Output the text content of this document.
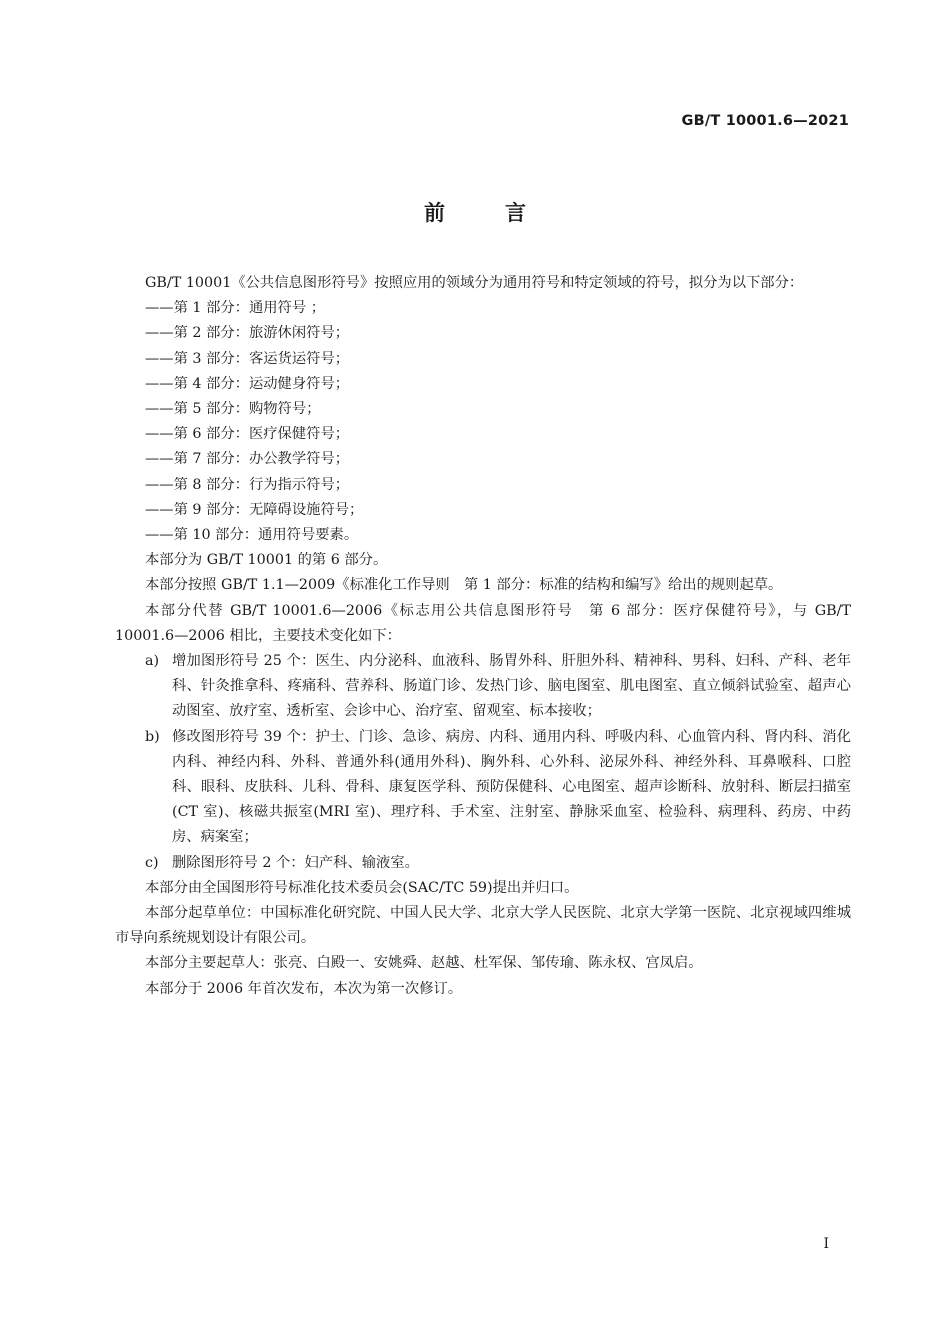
GB/T 10001.6—2021
前言

GB/T 10001《公共信息图形符号》按照应用的领域分为通用符号和特定领域的符号，拟分为以下部分：

——第 1 部分：通用符号 ；

——第 2 部分：旅游休闲符号；

——第 3 部分：客运货运符号；

——第 4 部分：运动健身符号；

——第 5 部分：购物符号；

——第 6 部分：医疗保健符号；

——第 7 部分：办公教学符号；

——第 8 部分：行为指示符号；

——第 9 部分：无障碍设施符号；

——第 10 部分：通用符号要素。

本部分为 GB/T 10001 的第 6 部分。

本部分按照 GB/T 1.1—2009《标准化工作导则　第 1 部分：标准的结构和编写》给出的规则起草。

本部分代替 GB/T 10001.6—2006《标志用公共信息图形符号　第 6 部分：医疗保健符号》，与 GB/T 10001.6—2006 相比，主要技术变化如下：

a) 增加图形符号 25 个：医生、内分泌科、血液科、肠胃外科、肝胆外科、精神科、男科、妇科、产科、老年科、针灸推拿科、疼痛科、营养科、肠道门诊、发热门诊、脑电图室、肌电图室、直立倾斜试验室、超声心动图室、放疗室、透析室、会诊中心、治疗室、留观室、标本接收；
b) 修改图形符号 39 个：护士、门诊、急诊、病房、内科、通用内科、呼吸内科、心血管内科、肾内科、消化内科、神经内科、外科、普通外科(通用外科)、胸外科、心外科、泌尿外科、神经外科、耳鼻喉科、口腔科、眼科、皮肤科、儿科、骨科、康复医学科、预防保健科、心电图室、超声诊断科、放射科、断层扫描室(CT 室)、核磁共振室(MRI 室)、理疗科、手术室、注射室、静脉采血室、检验科、病理科、药房、中药房、病案室；
c) 删除图形符号 2 个：妇产科、输液室。

本部分由全国图形符号标准化技术委员会(SAC/TC 59)提出并归口。

本部分起草单位：中国标准化研究院、中国人民大学、北京大学人民医院、北京大学第一医院、北京视域四维城市导向系统规划设计有限公司。

本部分主要起草人：张亮、白殿一、安姚舜、赵越、杜军保、邹传瑜、陈永权、宫凤启。

本部分于 2006 年首次发布，本次为第一次修订。

I
